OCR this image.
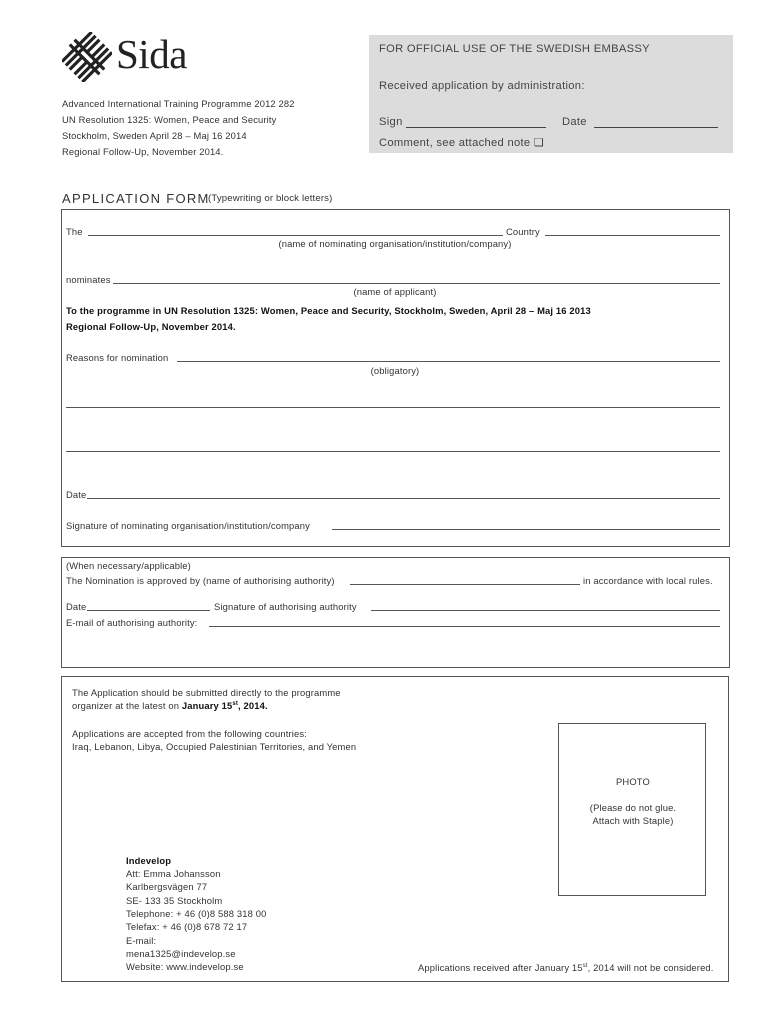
Sida
Advanced International Training Programme 2012 282
UN Resolution 1325: Women, Peace and Security
Stockholm, Sweden April 28 – Maj 16 2014
Regional Follow-Up, November 2014.
FOR OFFICIAL USE OF THE SWEDISH EMBASSY
Received application by administration:
Sign	Date
Comment, see attached note ❏
APPLICATION FORM
(Typewriting or block letters)
The	Country
(name of nominating organisation/institution/company)
nominates
(name of applicant)
To the programme in UN Resolution 1325: Women, Peace and Security, Stockholm, Sweden, April 28 – Maj 16 2013
Regional Follow-Up, November 2014.
Reasons for nomination
(obligatory)
Date
Signature of nominating organisation/institution/company
(When necessary/applicable)
The Nomination is approved by (name of authorising authority)	in accordance with local rules.
Date	Signature of authorising authority
E-mail of authorising authority:
The Application should be submitted directly to the programme
organizer at the latest on January 15st, 2014.
Applications are accepted from the following countries:
Iraq, Lebanon, Libya, Occupied Palestinian Territories, and Yemen
PHOTO
(Please do not glue.
Attach with Staple)
Indevelop
Att: Emma Johansson
Karlbergsvägen 77
SE- 133 35 Stockholm
Telephone: + 46 (0)8 588 318 00
Telefax: + 46 (0)8 678 72 17
E-mail:
mena1325@indevelop.se
Website: www.indevelop.se	Applications received after January 15st, 2014 will not be considered.
